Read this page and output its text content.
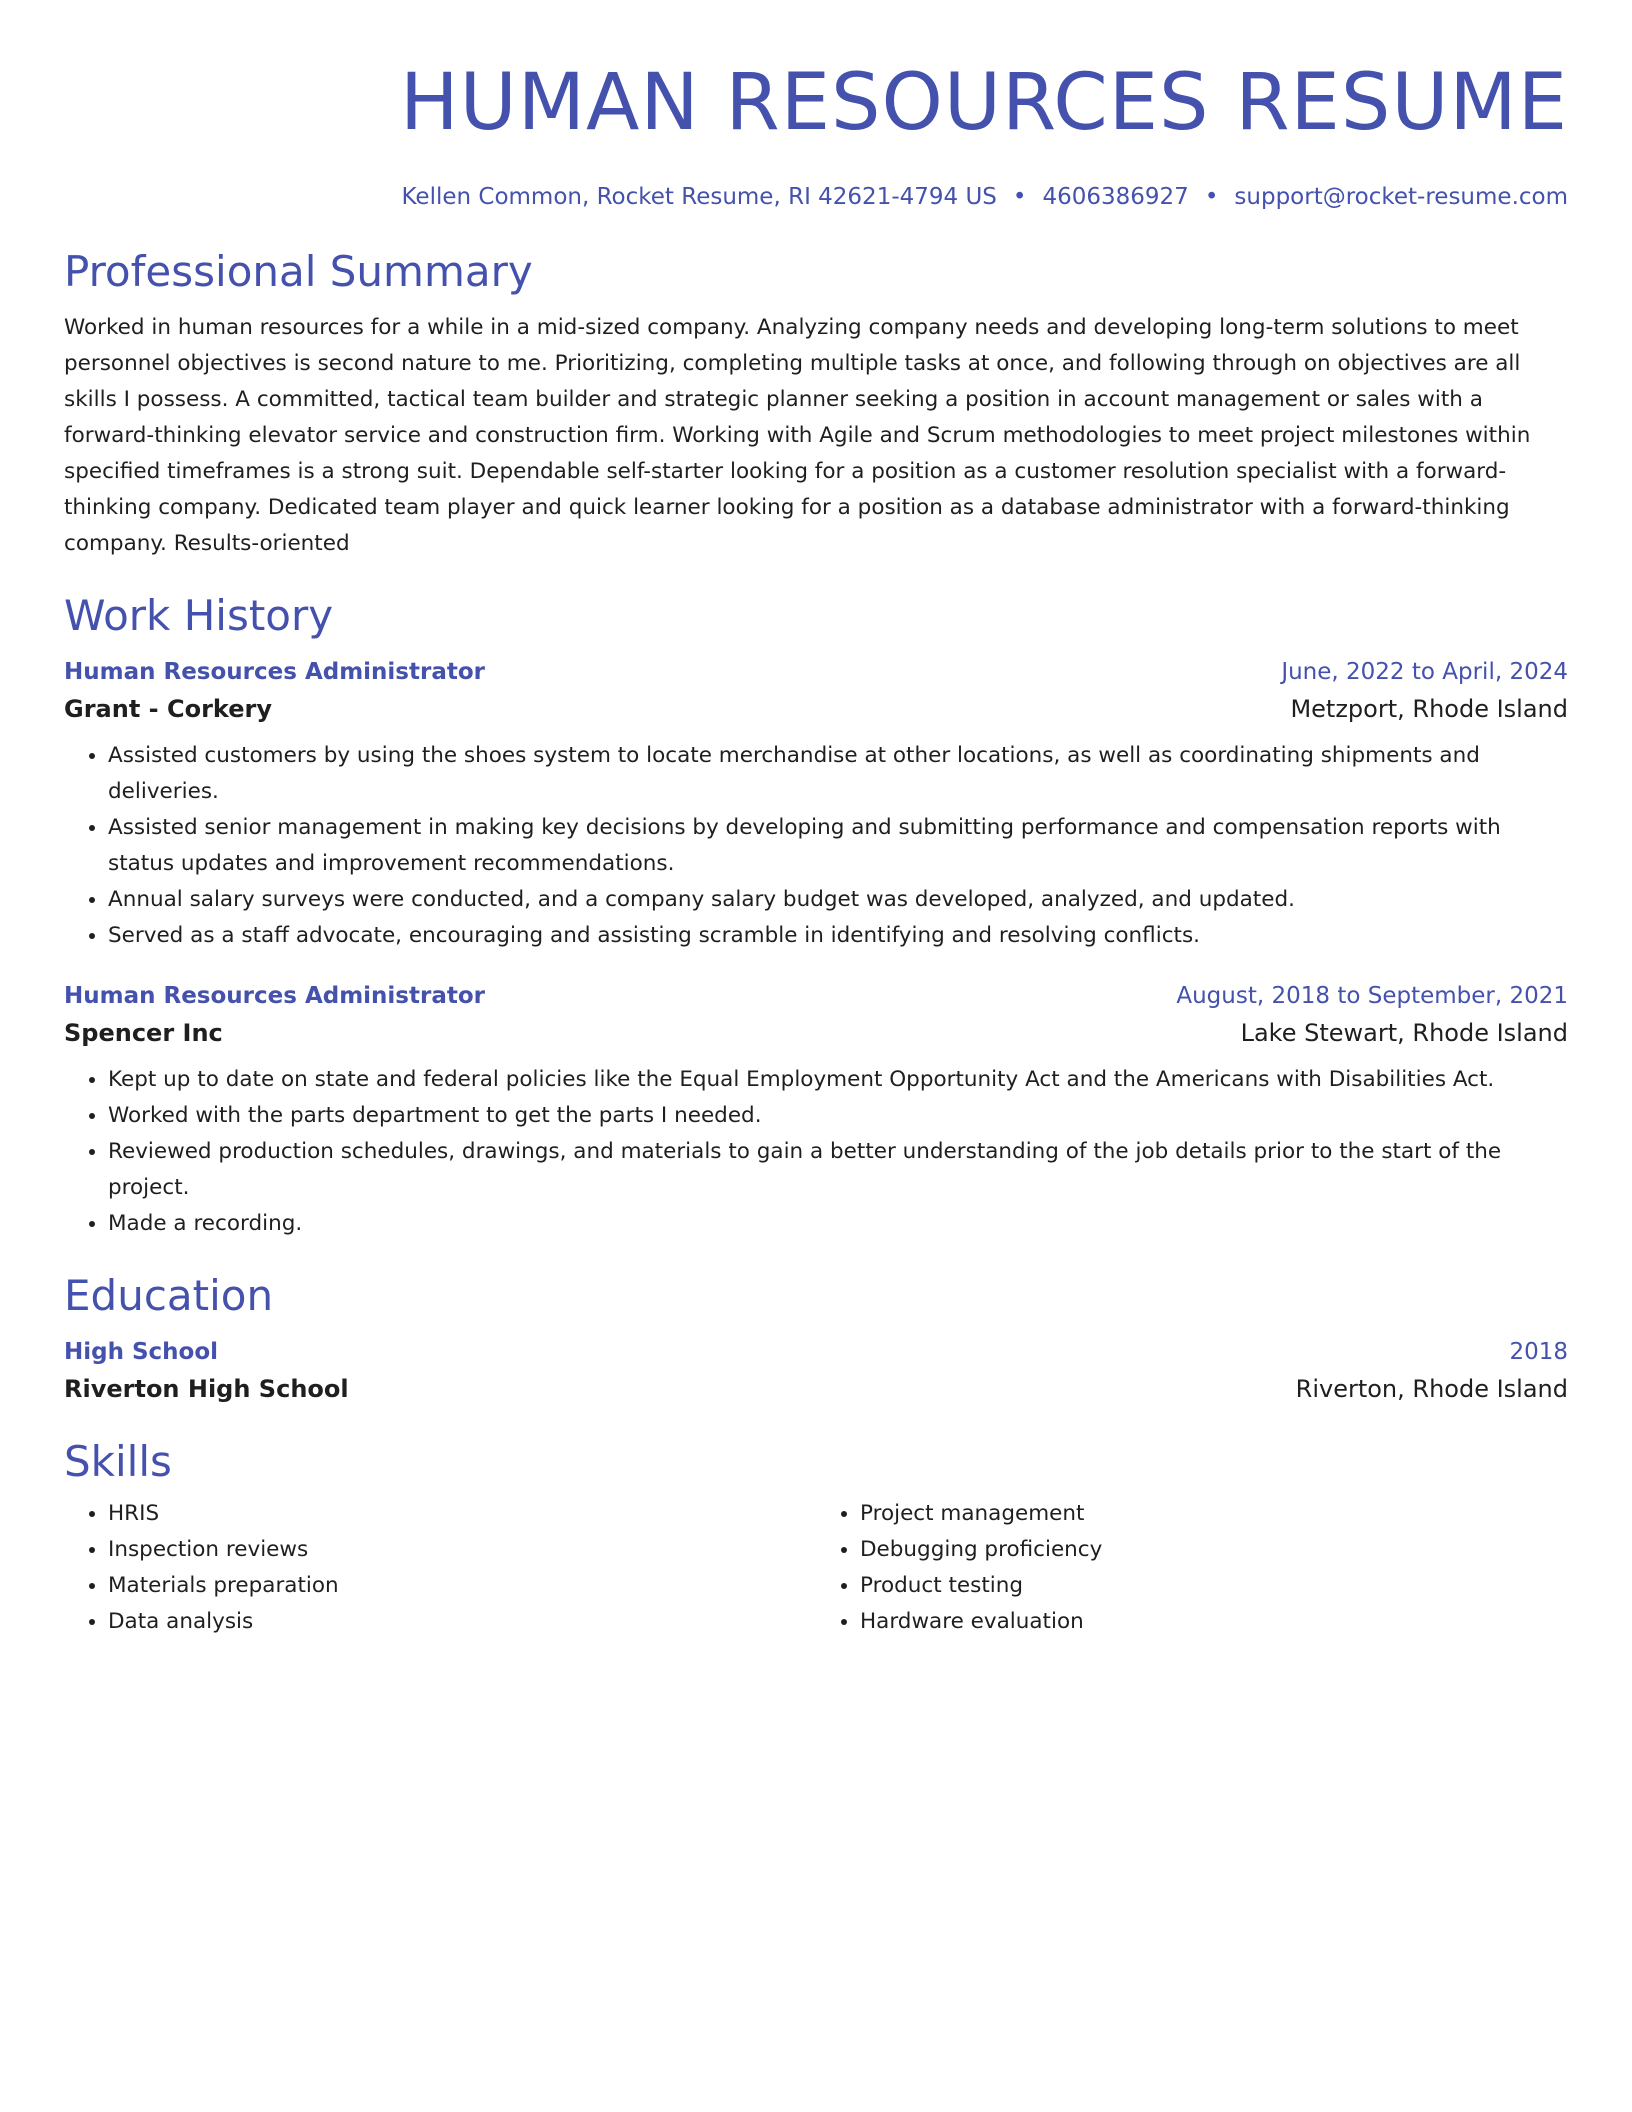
HUMAN RESOURCES RESUME
Kellen Common, Rocket Resume, RI 42621-4794 US • 4606386927 • support@rocket-resume.com
Professional Summary

Worked in human resources for a while in a mid-sized company. Analyzing company needs and developing long-term solutions to meet personnel objectives is second nature to me. Prioritizing, completing multiple tasks at once, and following through on objectives are all skills I possess. A committed, tactical team builder and strategic planner seeking a position in account management or sales with a forward-thinking elevator service and construction firm. Working with Agile and Scrum methodologies to meet project milestones within specified timeframes is a strong suit. Dependable self-starter looking for a position as a customer resolution specialist with a forward-thinking company. Dedicated team player and quick learner looking for a position as a database administrator with a forward-thinking company. Results-oriented

Work History
Human Resources Administrator	June, 2022 to April, 2024
Grant - Corkery	Metzport, Rhode Island
• Assisted customers by using the shoes system to locate merchandise at other locations, as well as coordinating shipments and deliveries.
• Assisted senior management in making key decisions by developing and submitting performance and compensation reports with status updates and improvement recommendations.
• Annual salary surveys were conducted, and a company salary budget was developed, analyzed, and updated.
• Served as a staff advocate, encouraging and assisting scramble in identifying and resolving conflicts.
Human Resources Administrator	August, 2018 to September, 2021
Spencer Inc	Lake Stewart, Rhode Island
• Kept up to date on state and federal policies like the Equal Employment Opportunity Act and the Americans with Disabilities Act.
• Worked with the parts department to get the parts I needed.
• Reviewed production schedules, drawings, and materials to gain a better understanding of the job details prior to the start of the project.
• Made a recording.
Education
High School	2018
Riverton High School	Riverton, Rhode Island
Skills
• HRIS
• Inspection reviews
• Materials preparation
• Data analysis
• Project management
• Debugging proficiency
• Product testing
• Hardware evaluation
